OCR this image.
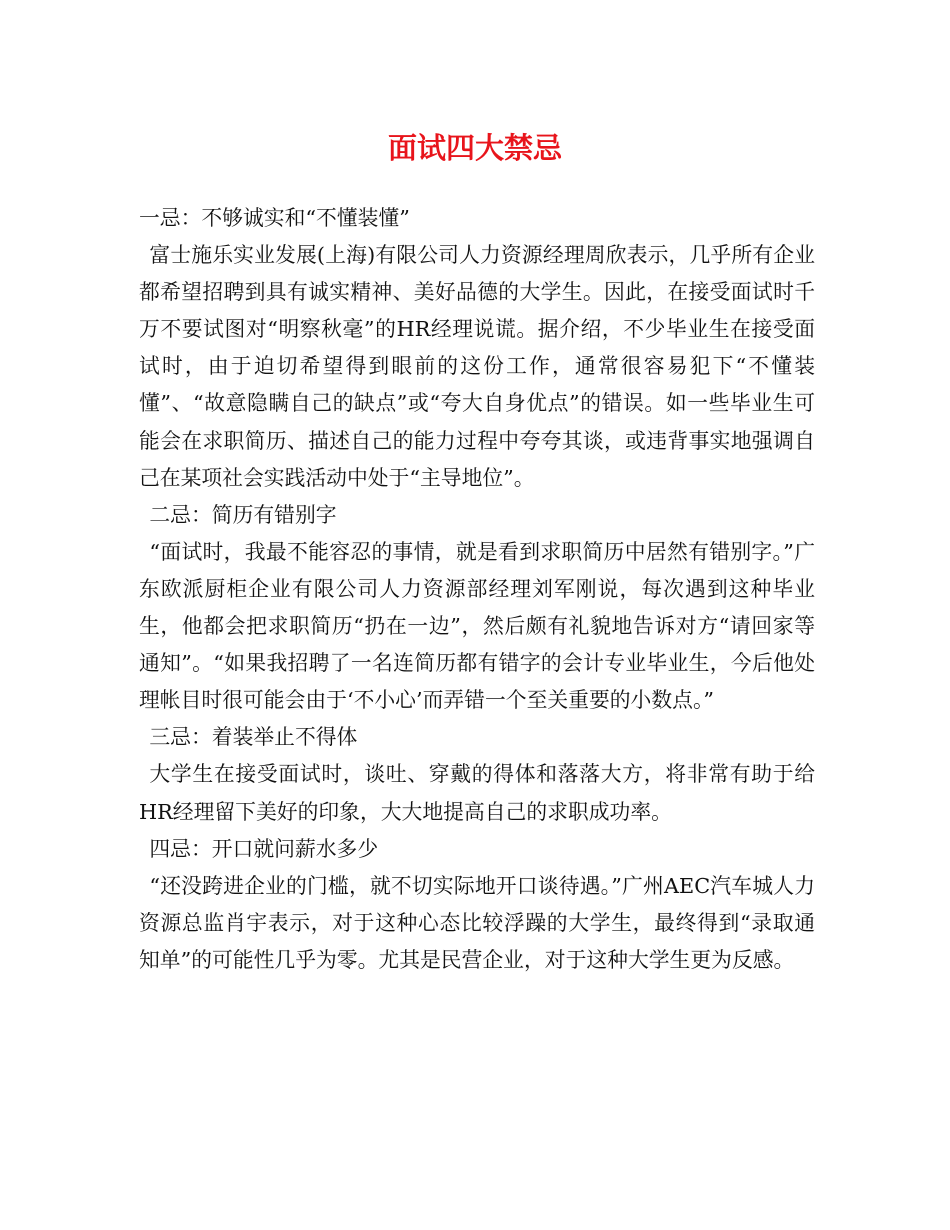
面试四大禁忌

一忌：不够诚实和“不懂装懂”

富士施乐实业发展(上海)有限公司人力资源经理周欣表示，几乎所有企业都希望招聘到具有诚实精神、美好品德的大学生。因此，在接受面试时千万不要试图对“明察秋毫”的HR经理说谎。据介绍，不少毕业生在接受面试时，由于迫切希望得到眼前的这份工作，通常很容易犯下“不懂装懂”、“故意隐瞒自己的缺点”或“夸大自身优点”的错误。如一些毕业生可能会在求职简历、描述自己的能力过程中夸夸其谈，或违背事实地强调自己在某项社会实践活动中处于“主导地位”。

二忌：简历有错别字

“面试时，我最不能容忍的事情，就是看到求职简历中居然有错别字。”广东欧派厨柜企业有限公司人力资源部经理刘军刚说，每次遇到这种毕业生，他都会把求职简历“扔在一边”，然后颇有礼貌地告诉对方“请回家等通知”。“如果我招聘了一名连简历都有错字的会计专业毕业生，今后他处理帐目时很可能会由于‘不小心’而弄错一个至关重要的小数点。”

三忌：着装举止不得体

大学生在接受面试时，谈吐、穿戴的得体和落落大方，将非常有助于给HR经理留下美好的印象，大大地提高自己的求职成功率。

四忌：开口就问薪水多少

“还没跨进企业的门槛，就不切实际地开口谈待遇。”广州AEC汽车城人力资源总监肖宇表示，对于这种心态比较浮躁的大学生，最终得到“录取通知单”的可能性几乎为零。尤其是民营企业，对于这种大学生更为反感。
